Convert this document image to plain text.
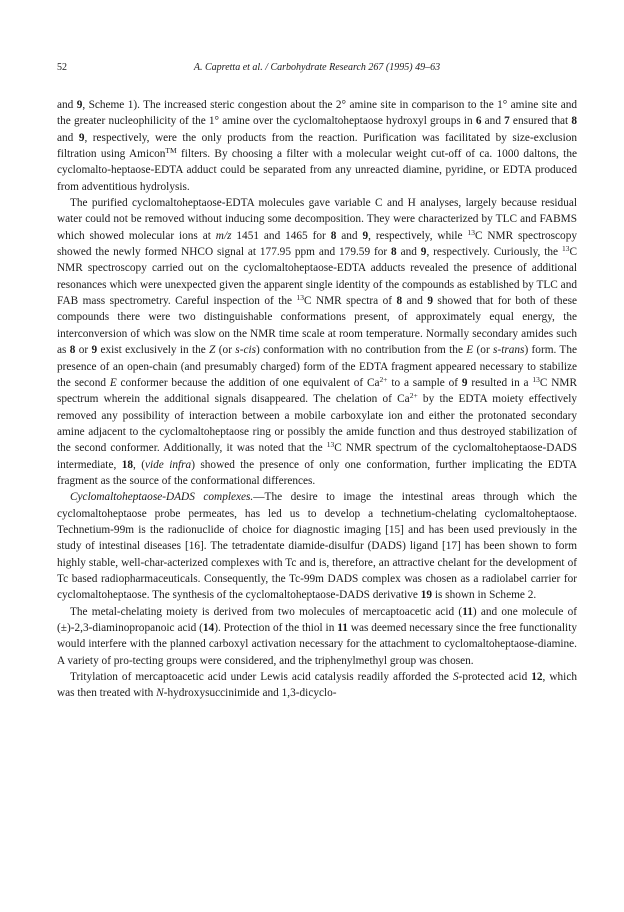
52	A. Capretta et al. / Carbohydrate Research 267 (1995) 49–63

and 9, Scheme 1). The increased steric congestion about the 2° amine site in comparison to the 1° amine site and the greater nucleophilicity of the 1° amine over the cyclomaltoheptaose hydroxyl groups in 6 and 7 ensured that 8 and 9, respectively, were the only products from the reaction. Purification was facilitated by size-exclusion filtration using Amicon™ filters. By choosing a filter with a molecular weight cut-off of ca. 1000 daltons, the cyclomalto-heptaose-EDTA adduct could be separated from any unreacted diamine, pyridine, or EDTA produced from adventitious hydrolysis.

The purified cyclomaltoheptaose-EDTA molecules gave variable C and H analyses, largely because residual water could not be removed without inducing some decomposition. They were characterized by TLC and FABMS which showed molecular ions at m/z 1451 and 1465 for 8 and 9, respectively, while $^{13}$C NMR spectroscopy showed the newly formed NHCO signal at 177.95 ppm and 179.59 for 8 and 9, respectively. Curiously, the $^{13}$C NMR spectroscopy carried out on the cyclomaltoheptaose-EDTA adducts revealed the presence of additional resonances which were unexpected given the apparent single identity of the compounds as established by TLC and FAB mass spectrometry. Careful inspection of the $^{13}$C NMR spectra of 8 and 9 showed that for both of these compounds there were two distinguishable conformations present, of approximately equal energy, the interconversion of which was slow on the NMR time scale at room temperature. Normally secondary amides such as 8 or 9 exist exclusively in the Z (or s-cis) conformation with no contribution from the E (or s-trans) form. The presence of an open-chain (and presumably charged) form of the EDTA fragment appeared necessary to stabilize the second E conformer because the addition of one equivalent of $Ca^{2+}$ to a sample of 9 resulted in a $^{13}$C NMR spectrum wherein the additional signals disappeared. The chelation of $Ca^{2+}$ by the EDTA moiety effectively removed any possibility of interaction between a mobile carboxylate ion and either the protonated secondary amine adjacent to the cyclomaltoheptaose ring or possibly the amide function and thus destroyed stabilization of the second conformer. Additionally, it was noted that the $^{13}$C NMR spectrum of the cyclomaltoheptaose-DADS intermediate, 18, (vide infra) showed the presence of only one conformation, further implicating the EDTA fragment as the source of the conformational differences.

Cyclomaltoheptaose-DADS complexes.—The desire to image the intestinal areas through which the cyclomaltoheptaose probe permeates, has led us to develop a technetium-chelating cyclomaltoheptaose. Technetium-99m is the radionuclide of choice for diagnostic imaging [15] and has been used previously in the study of intestinal diseases [16]. The tetradentate diamide-disulfur (DADS) ligand [17] has been shown to form highly stable, well-char-acterized complexes with Tc and is, therefore, an attractive chelant for the development of Tc based radiopharmaceuticals. Consequently, the Tc-99m DADS complex was chosen as a radiolabel carrier for cyclomaltoheptaose. The synthesis of the cyclomaltoheptaose-DADS derivative 19 is shown in Scheme 2.

The metal-chelating moiety is derived from two molecules of mercaptoacetic acid (11) and one molecule of (±)-2,3-diaminopropanoic acid (14). Protection of the thiol in 11 was deemed necessary since the free functionality would interfere with the planned carboxyl activation necessary for the attachment to cyclomaltoheptaose-diamine. A variety of pro-tecting groups were considered, and the triphenylmethyl group was chosen.

Tritylation of mercaptoacetic acid under Lewis acid catalysis readily afforded the S-protected acid 12, which was then treated with N-hydroxysuccinimide and 1,3-dicyclo-
